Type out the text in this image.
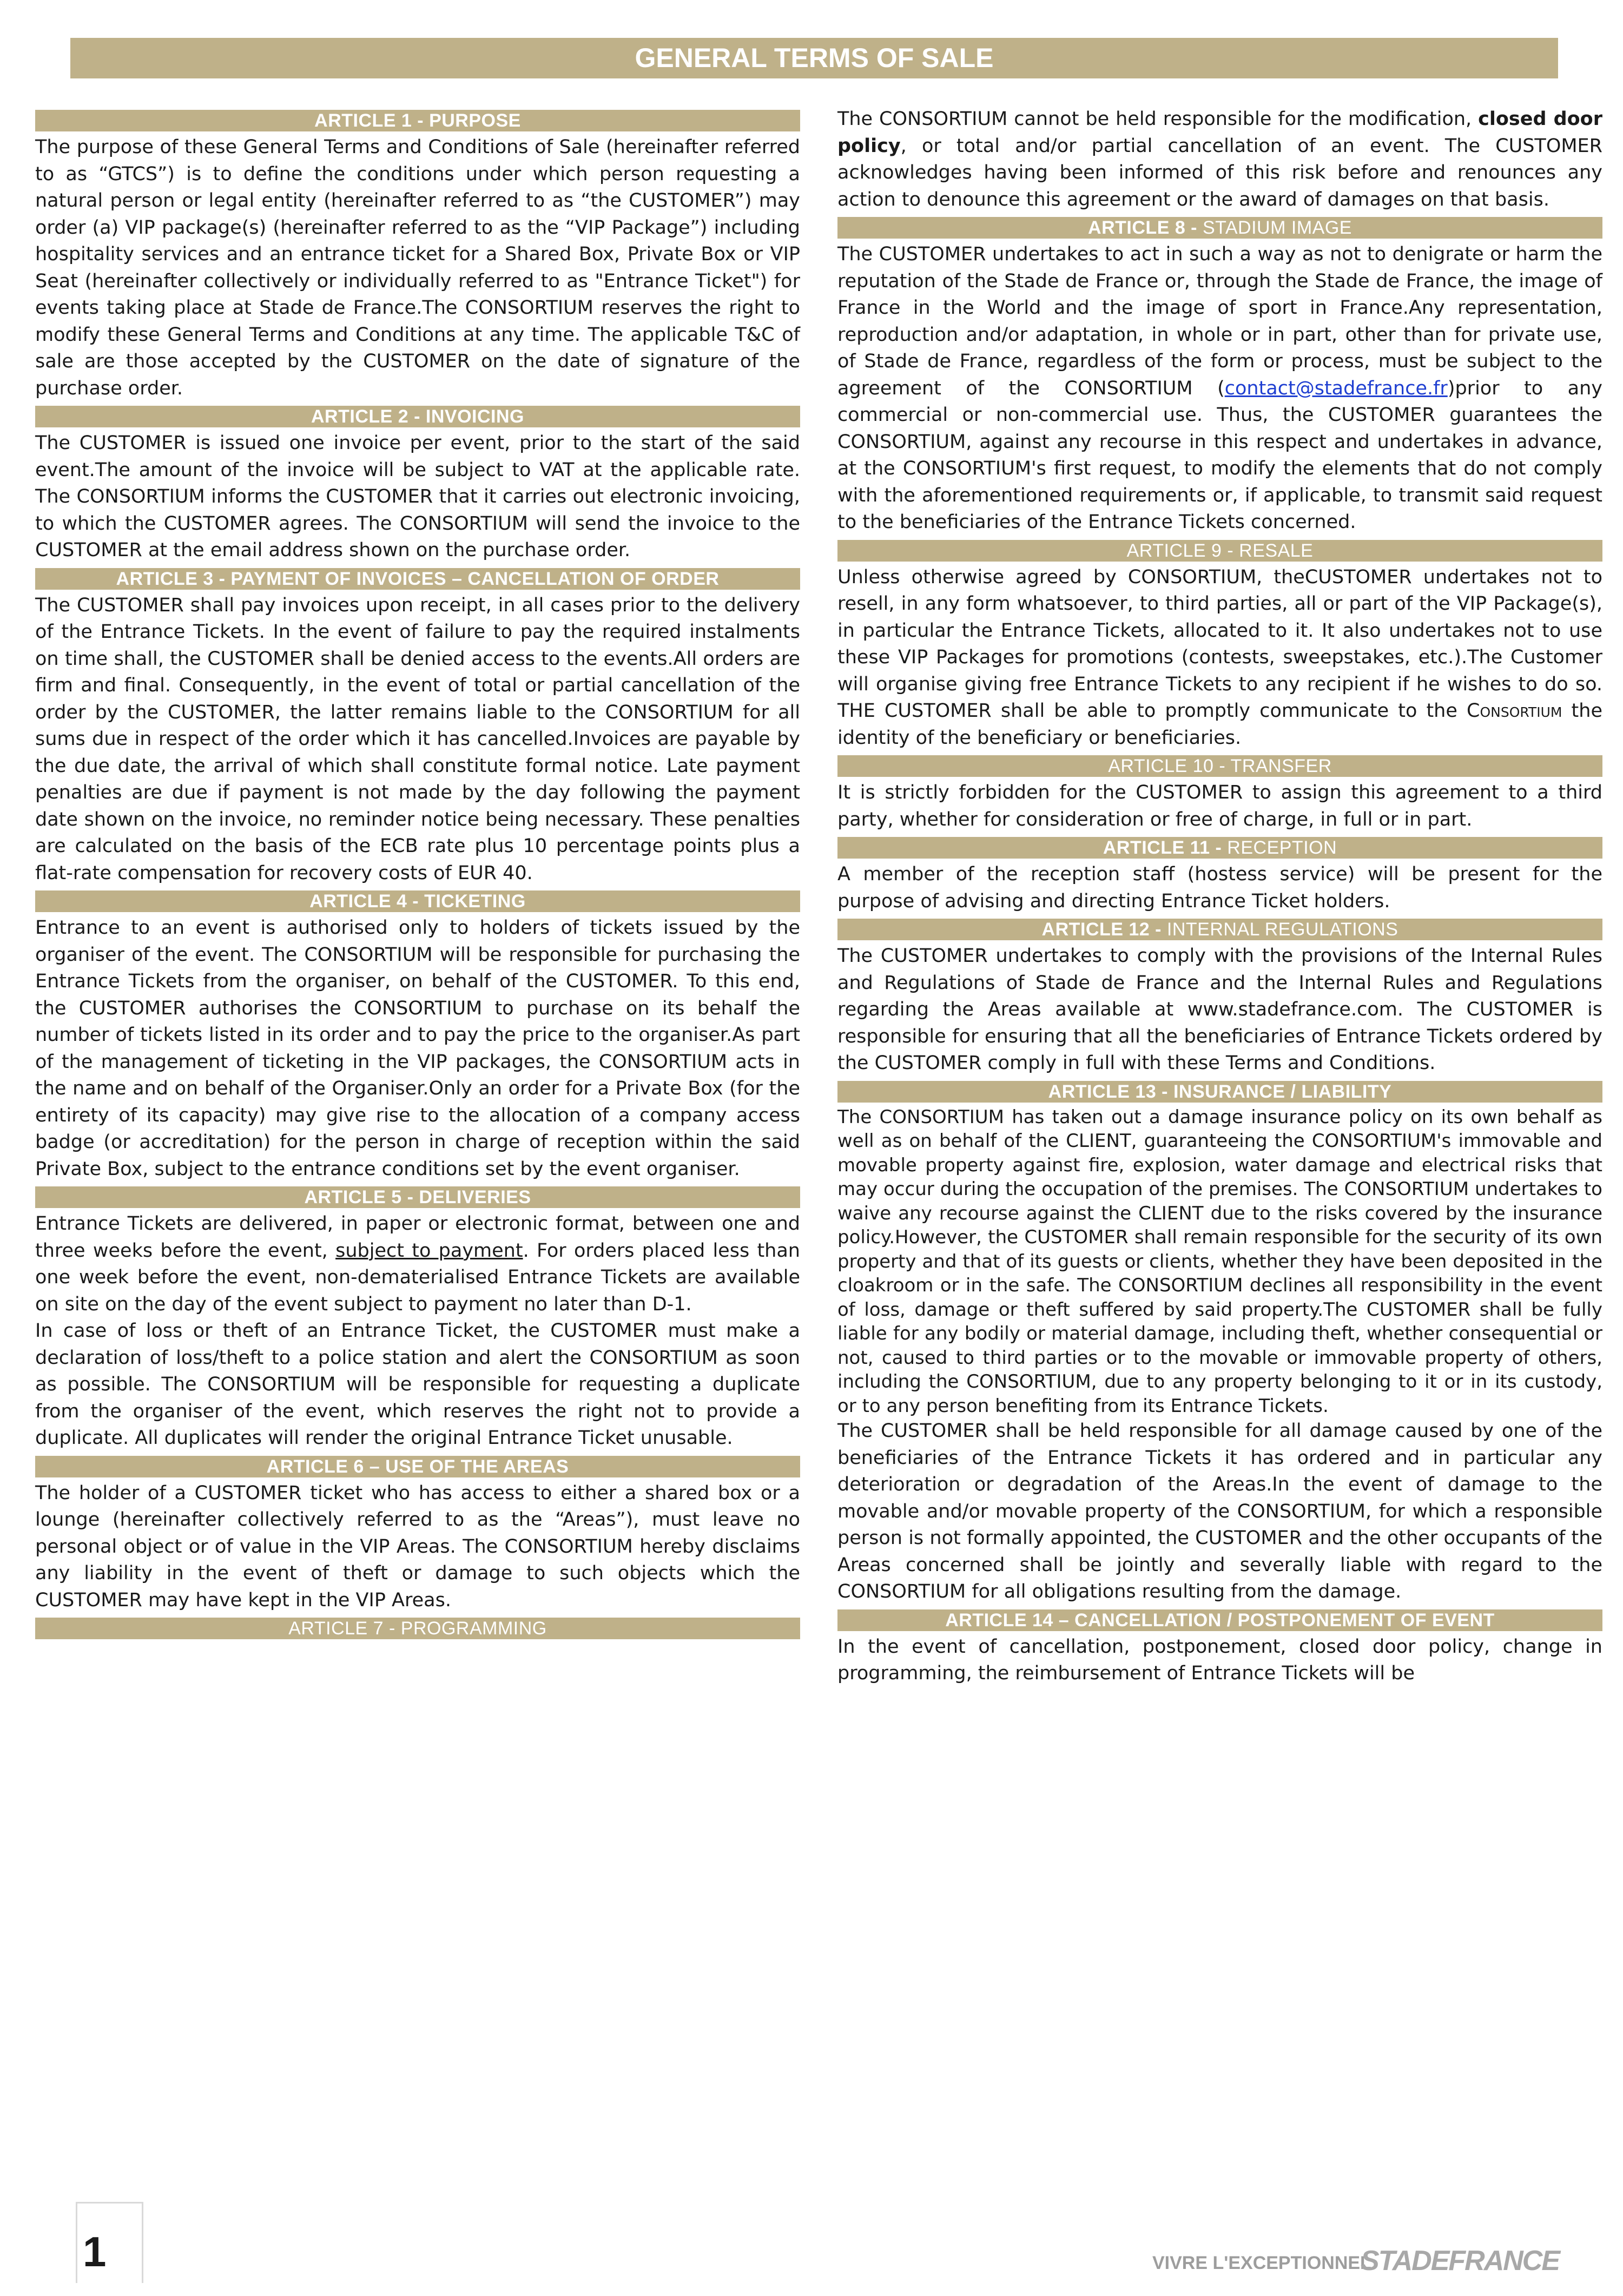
GENERAL TERMS OF SALE
ARTICLE 1 - PURPOSE

The purpose of these General Terms and Conditions of Sale (hereinafter referred to as “GTCS”) is to define the conditions under which person requesting a natural person or legal entity (hereinafter referred to as “the CUSTOMER”) may order (a) VIP package(s) (hereinafter referred to as the “VIP Package”) including hospitality services and an entrance ticket for a Shared Box, Private Box or VIP Seat (hereinafter collectively or individually referred to as "Entrance Ticket") for events taking place at Stade de France.The CONSORTIUM reserves the right to modify these General Terms and Conditions at any time. The applicable T&C of sale are those accepted by the CUSTOMER on the date of signature of the purchase order.

ARTICLE 2 - INVOICING

The CUSTOMER is issued one invoice per event, prior to the start of the said event.The amount of the invoice will be subject to VAT at the applicable rate. The CONSORTIUM informs the CUSTOMER that it carries out electronic invoicing, to which the CUSTOMER agrees. The CONSORTIUM will send the invoice to the CUSTOMER at the email address shown on the purchase order.

ARTICLE 3 - PAYMENT OF INVOICES – CANCELLATION OF ORDER

The CUSTOMER shall pay invoices upon receipt, in all cases prior to the delivery of the Entrance Tickets. In the event of failure to pay the required instalments on time shall, the CUSTOMER shall be denied access to the events.All orders are firm and final. Consequently, in the event of total or partial cancellation of the order by the CUSTOMER, the latter remains liable to the CONSORTIUM for all sums due in respect of the order which it has cancelled.Invoices are payable by the due date, the arrival of which shall constitute formal notice. Late payment penalties are due if payment is not made by the day following the payment date shown on the invoice, no reminder notice being necessary. These penalties are calculated on the basis of the ECB rate plus 10 percentage points plus a flat-rate compensation for recovery costs of EUR 40.

ARTICLE 4 - TICKETING

Entrance to an event is authorised only to holders of tickets issued by the organiser of the event. The CONSORTIUM will be responsible for purchasing the Entrance Tickets from the organiser, on behalf of the CUSTOMER. To this end, the CUSTOMER authorises the CONSORTIUM to purchase on its behalf the number of tickets listed in its order and to pay the price to the organiser.As part of the management of ticketing in the VIP packages, the CONSORTIUM acts in the name and on behalf of the Organiser.Only an order for a Private Box (for the entirety of its capacity) may give rise to the allocation of a company access badge (or accreditation) for the person in charge of reception within the said Private Box, subject to the entrance conditions set by the event organiser.

ARTICLE 5 - DELIVERIES

Entrance Tickets are delivered, in paper or electronic format, between one and three weeks before the event, subject to payment. For orders placed less than one week before the event, non-dematerialised Entrance Tickets are available on site on the day of the event subject to payment no later than D-1.

In case of loss or theft of an Entrance Ticket, the CUSTOMER must make a declaration of loss/theft to a police station and alert the CONSORTIUM as soon as possible. The CONSORTIUM will be responsible for requesting a duplicate from the organiser of the event, which reserves the right not to provide a duplicate. All duplicates will render the original Entrance Ticket unusable.

ARTICLE 6 – USE OF THE AREAS

The holder of a CUSTOMER ticket who has access to either a shared box or a lounge (hereinafter collectively referred to as the “Areas”), must leave no personal object or of value in the VIP Areas. The CONSORTIUM hereby disclaims any liability in the event of theft or damage to such objects which the CUSTOMER may have kept in the VIP Areas.

ARTICLE 7 - PROGRAMMING

The CONSORTIUM cannot be held responsible for the modification, closed door policy, or total and/or partial cancellation of an event. The CUSTOMER acknowledges having been informed of this risk before and renounces any action to denounce this agreement or the award of damages on that basis.

ARTICLE 8 - STADIUM IMAGE

The CUSTOMER undertakes to act in such a way as not to denigrate or harm the reputation of the Stade de France or, through the Stade de France, the image of France in the World and the image of sport in France.Any representation, reproduction and/or adaptation, in whole or in part, other than for private use, of Stade de France, regardless of the form or process, must be subject to the agreement of the CONSORTIUM (contact@stadefrance.fr)prior to any commercial or non-commercial use. Thus, the CUSTOMER guarantees the CONSORTIUM, against any recourse in this respect and undertakes in advance, at the CONSORTIUM's first request, to modify the elements that do not comply with the aforementioned requirements or, if applicable, to transmit said request to the beneficiaries of the Entrance Tickets concerned.

ARTICLE 9 - RESALE

Unless otherwise agreed by CONSORTIUM, theCUSTOMER undertakes not to resell, in any form whatsoever, to third parties, all or part of the VIP Package(s), in particular the Entrance Tickets, allocated to it. It also undertakes not to use these VIP Packages for promotions (contests, sweepstakes, etc.).The Customer will organise giving free Entrance Tickets to any recipient if he wishes to do so. THE CUSTOMER shall be able to promptly communicate to the Consortium the identity of the beneficiary or beneficiaries.

ARTICLE 10 - TRANSFER

It is strictly forbidden for the CUSTOMER to assign this agreement to a third party, whether for consideration or free of charge, in full or in part.

ARTICLE 11 - RECEPTION

A member of the reception staff (hostess service) will be present for the purpose of advising and directing Entrance Ticket holders.

ARTICLE 12 - INTERNAL REGULATIONS

The CUSTOMER undertakes to comply with the provisions of the Internal Rules and Regulations of Stade de France and the Internal Rules and Regulations regarding the Areas available at www.stadefrance.com. The CUSTOMER is responsible for ensuring that all the beneficiaries of Entrance Tickets ordered by the CUSTOMER comply in full with these Terms and Conditions.

ARTICLE 13 - INSURANCE / LIABILITY

The CONSORTIUM has taken out a damage insurance policy on its own behalf as well as on behalf of the CLIENT, guaranteeing the CONSORTIUM's immovable and movable property against fire, explosion, water damage and electrical risks that may occur during the occupation of the premises. The CONSORTIUM undertakes to waive any recourse against the CLIENT due to the risks covered by the insurance policy.However, the CUSTOMER shall remain responsible for the security of its own property and that of its guests or clients, whether they have been deposited in the cloakroom or in the safe. The CONSORTIUM declines all responsibility in the event of loss, damage or theft suffered by said property.The CUSTOMER shall be fully liable for any bodily or material damage, including theft, whether consequential or not, caused to third parties or to the movable or immovable property of others, including the CONSORTIUM, due to any property belonging to it or in its custody, or to any person benefiting from its Entrance Tickets.

The CUSTOMER shall be held responsible for all damage caused by one of the beneficiaries of the Entrance Tickets it has ordered and in particular any deterioration or degradation of the Areas.In the event of damage to the movable and/or movable property of the CONSORTIUM, for which a responsible person is not formally appointed, the CUSTOMER and the other occupants of the Areas concerned shall be jointly and severally liable with regard to the CONSORTIUM for all obligations resulting from the damage.

ARTICLE 14 – CANCELLATION / POSTPONEMENT OF EVENT

In the event of cancellation, postponement, closed door policy, change in programming, the reimbursement of Entrance Tickets will be

1	VIVRE L'EXCEPTIONNEL
STADEFRANCE
